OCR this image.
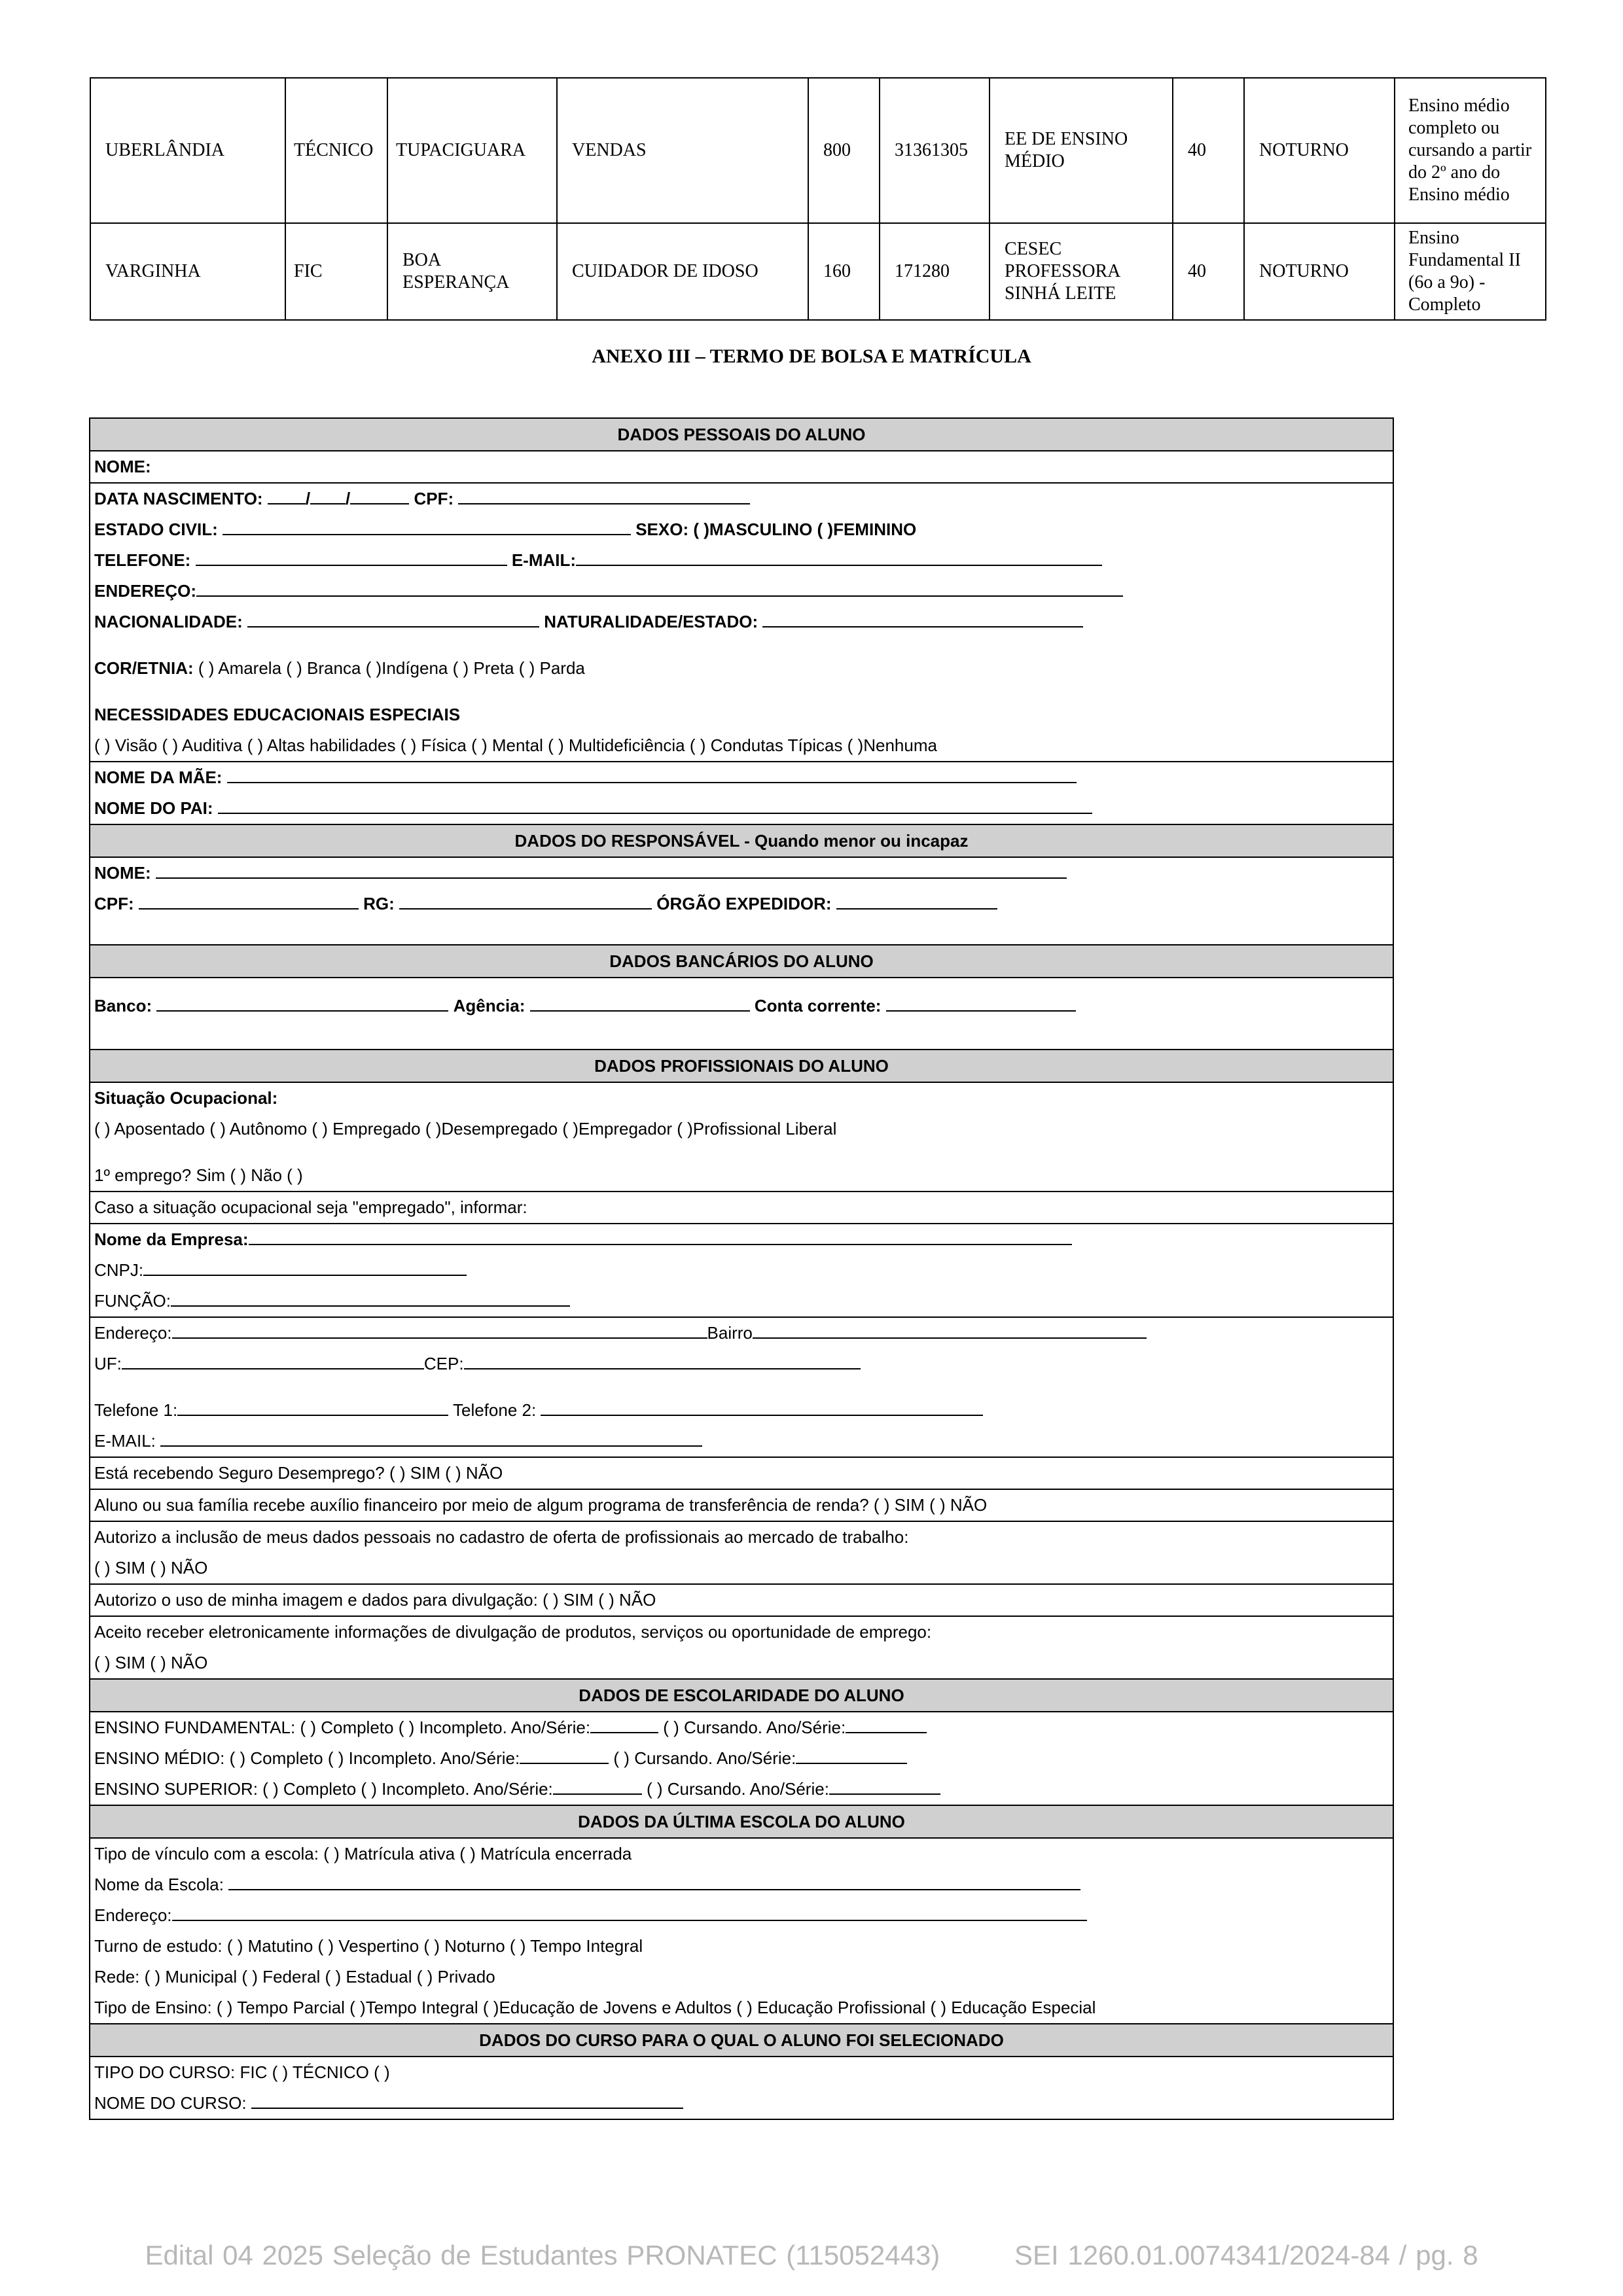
UBERLÂNDIA	TÉCNICO	TUPACIGUARA	VENDAS	800	31361305	EE DE ENSINO MÉDIO	40	NOTURNO	Ensino médio completo ou cursando a partir do 2º ano do Ensino médio
VARGINHA	FIC	BOA ESPERANÇA	CUIDADOR DE IDOSO	160	171280	CESEC PROFESSORA SINHÁ LEITE	40	NOTURNO	Ensino Fundamental II (6o a 9o) - Completo
ANEXO III – TERMO DE BOLSA E MATRÍCULA
DADOS PESSOAIS DO ALUNO
NOME:
DATA NASCIMENTO:	/ /	CPF:
ESTADO CIVIL:	SEXO: ( )MASCULINO ( )FEMININO
TELEFONE:	E-MAIL:
ENDEREÇO:
NACIONALIDADE:	NATURALIDADE/ESTADO:
COR/ETNIA: ( ) Amarela ( ) Branca ( )Indígena ( ) Preta ( ) Parda
NECESSIDADES EDUCACIONAIS ESPECIAIS
( ) Visão ( ) Auditiva ( ) Altas habilidades ( ) Física ( ) Mental ( ) Multideficiência ( ) Condutas Típicas ( )Nenhuma
NOME DA MÃE:
NOME DO PAI:
DADOS DO RESPONSÁVEL - Quando menor ou incapaz
NOME:
CPF:	RG:	ÓRGÃO EXPEDIDOR:
DADOS BANCÁRIOS DO ALUNO
Banco:	Agência:	Conta corrente:
DADOS PROFISSIONAIS DO ALUNO
Situação Ocupacional:
( ) Aposentado ( ) Autônomo ( ) Empregado ( )Desempregado ( )Empregador ( )Profissional Liberal
1º emprego? Sim ( ) Não ( )
Caso a situação ocupacional seja "empregado", informar:
Nome da Empresa:
CNPJ:
FUNÇÃO:
Endereço:	Bairro
UF:	CEP:
Telefone 1:	Telefone 2:
E-MAIL:
Está recebendo Seguro Desemprego? ( ) SIM ( ) NÃO
Aluno ou sua família recebe auxílio financeiro por meio de algum programa de transferência de renda? ( ) SIM ( ) NÃO
Autorizo a inclusão de meus dados pessoais no cadastro de oferta de profissionais ao mercado de trabalho:
( ) SIM ( ) NÃO
Autorizo o uso de minha imagem e dados para divulgação: ( ) SIM ( ) NÃO
Aceito receber eletronicamente informações de divulgação de produtos, serviços ou oportunidade de emprego:
( ) SIM ( ) NÃO
DADOS DE ESCOLARIDADE DO ALUNO
ENSINO FUNDAMENTAL: ( ) Completo ( ) Incompleto. Ano/Série:	( ) Cursando. Ano/Série:
ENSINO MÉDIO: ( ) Completo ( ) Incompleto. Ano/Série:	( ) Cursando. Ano/Série:
ENSINO SUPERIOR: ( ) Completo ( ) Incompleto. Ano/Série:	( ) Cursando. Ano/Série:
DADOS DA ÚLTIMA ESCOLA DO ALUNO
Tipo de vínculo com a escola: ( ) Matrícula ativa ( ) Matrícula encerrada
Nome da Escola:
Endereço:
Turno de estudo: ( ) Matutino ( ) Vespertino ( ) Noturno ( ) Tempo Integral
Rede: ( ) Municipal ( ) Federal ( ) Estadual ( ) Privado
Tipo de Ensino: ( ) Tempo Parcial ( )Tempo Integral ( )Educação de Jovens e Adultos ( ) Educação Profissional ( ) Educação Especial
DADOS DO CURSO PARA O QUAL O ALUNO FOI SELECIONADO
TIPO DO CURSO: FIC ( ) TÉCNICO ( )
NOME DO CURSO:
Edital 04 2025 Seleção de Estudantes PRONATEC (115052443)	SEI 1260.01.0074341/2024-84 / pg. 8
